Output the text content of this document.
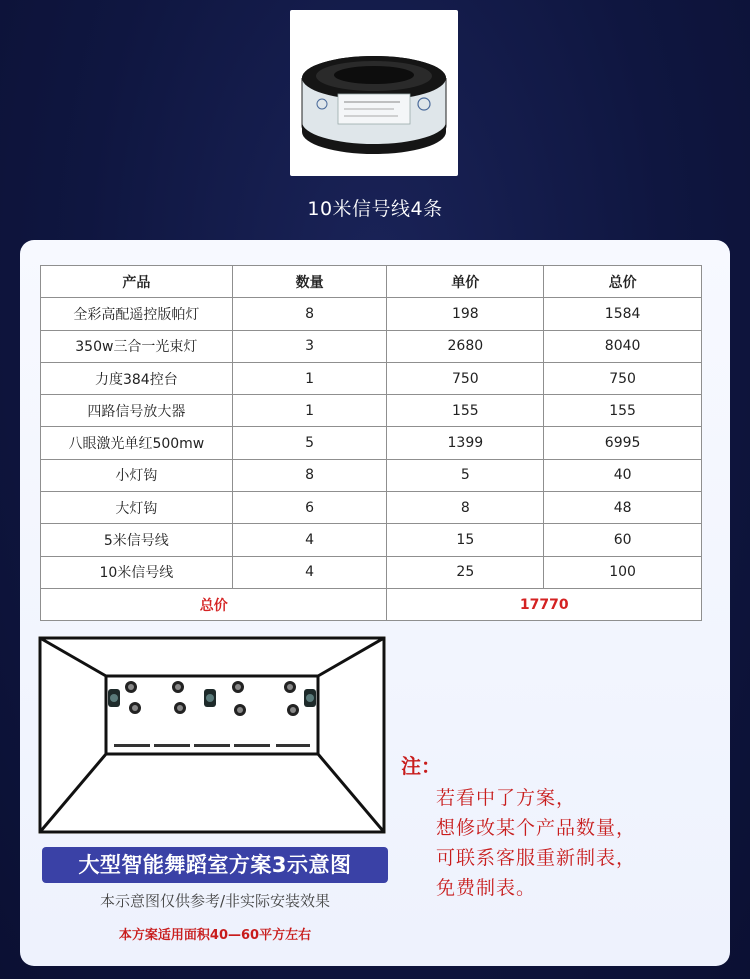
10米信号线4条
产品	数量	单价	总价
全彩高配遥控版帕灯	8	198	1584
350w三合一光束灯	3	2680	8040
力度384控台	1	750	750
四路信号放大器	1	155	155
八眼激光单红500mw	5	1399	6995
小灯钩	8	5	40
大灯钩	6	8	48
5米信号线	4	15	60
10米信号线	4	25	100
总价		17770	
大型智能舞蹈室方案3示意图
本示意图仅供参考/非实际安装效果
本方案适用面积40—60平方左右
注：
若看中了方案，
想修改某个产品数量，
可联系客服重新制表，
免费制表。
